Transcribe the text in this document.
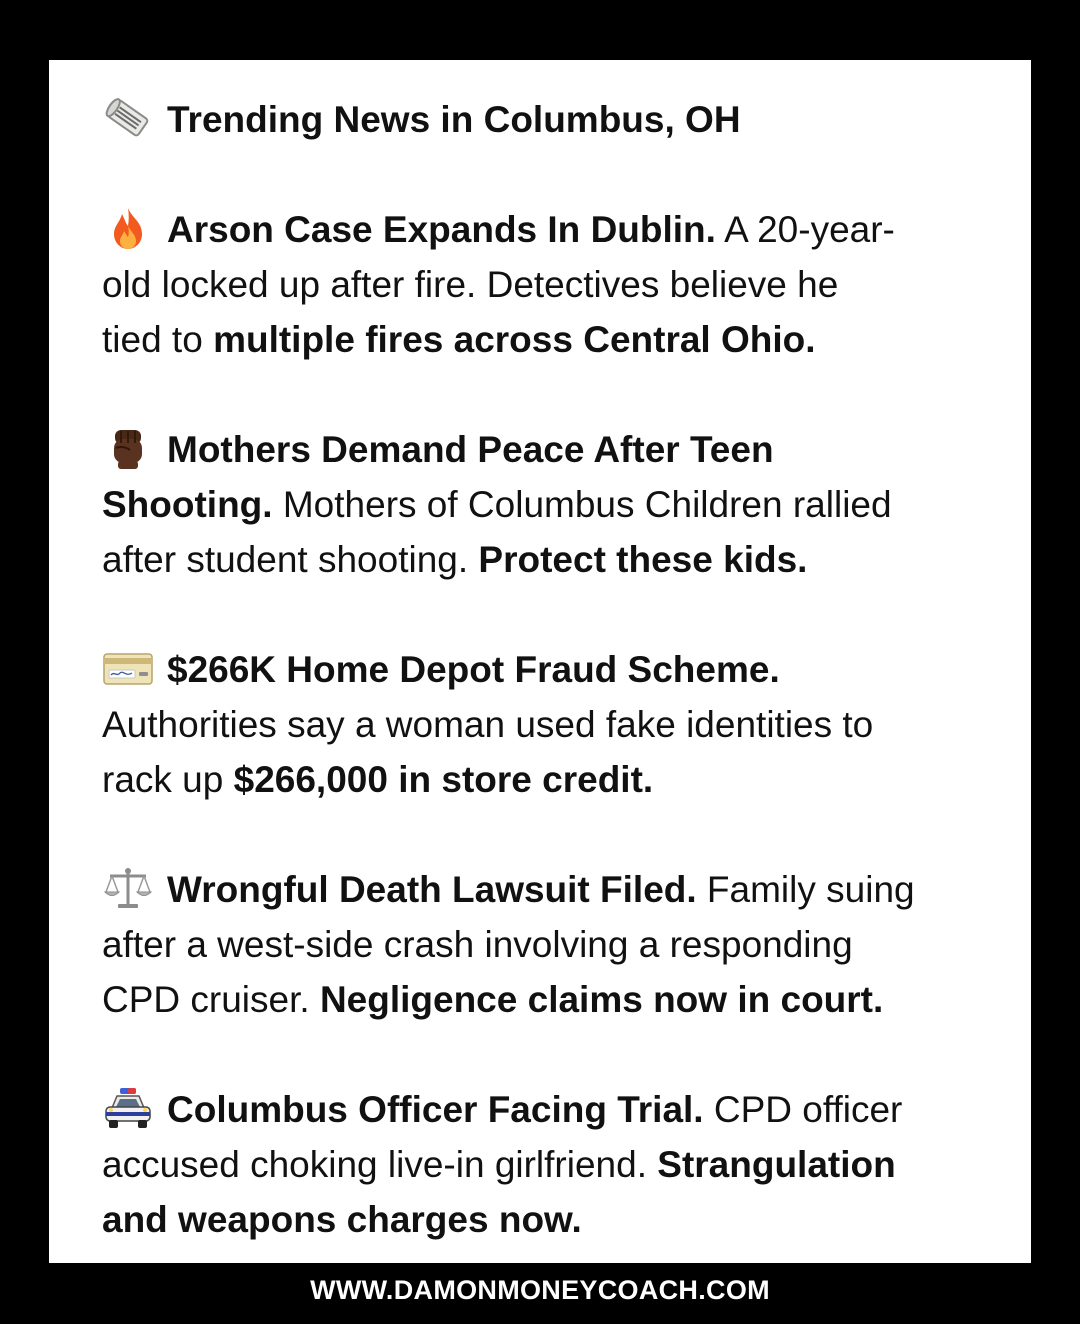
Trending News in Columbus, OH
Arson Case Expands In Dublin. A 20-year-
old locked up after fire. Detectives believe he
tied to multiple fires across Central Ohio.
Mothers Demand Peace After Teen
Shooting. Mothers of Columbus Children rallied
after student shooting. Protect these kids.
$266K Home Depot Fraud Scheme.
Authorities say a woman used fake identities to
rack up $266,000 in store credit.
Wrongful Death Lawsuit Filed. Family suing
after a west-side crash involving a responding
CPD cruiser. Negligence claims now in court.
Columbus Officer Facing Trial. CPD officer
accused choking live-in girlfriend. Strangulation
and weapons charges now.
WWW.DAMONMONEYCOACH.COM
